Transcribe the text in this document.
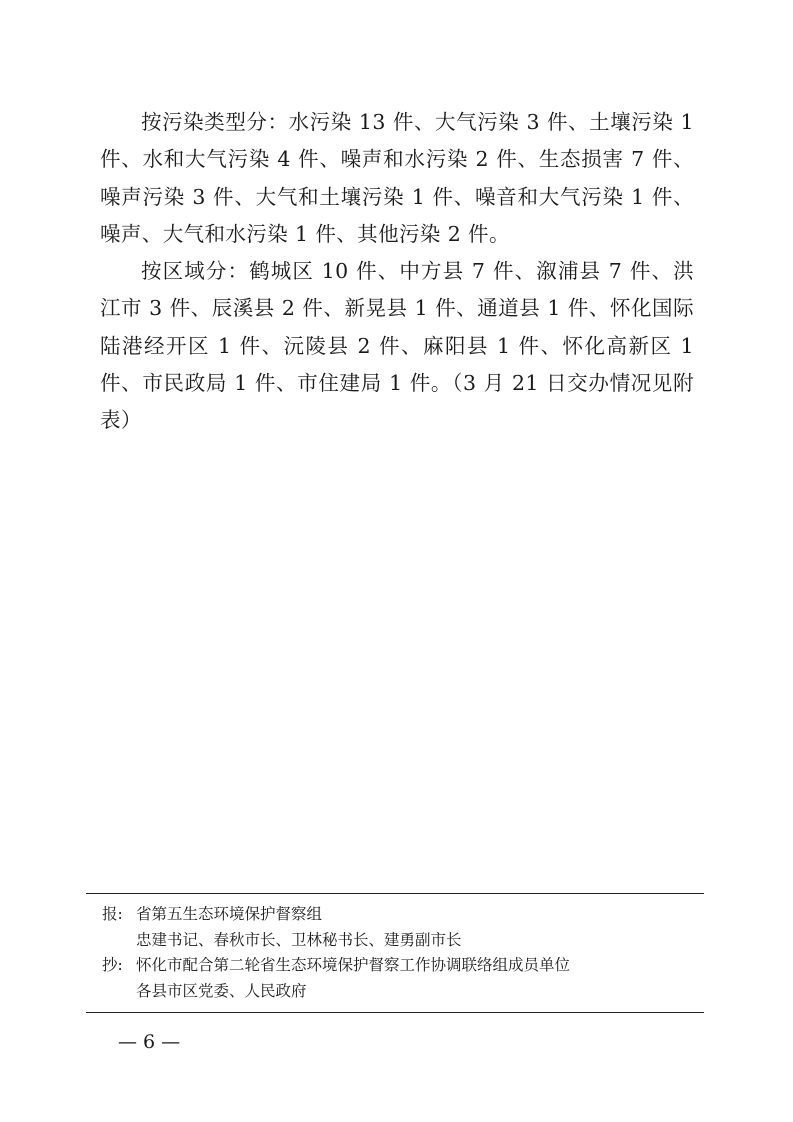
按污染类型分：水污染 13 件、大气污染 3 件、土壤污染 1 件、水和大气污染 4 件、噪声和水污染 2 件、生态损害 7 件、噪声污染 3 件、大气和土壤污染 1 件、噪音和大气污染 1 件、噪声、大气和水污染 1 件、其他污染 2 件。

按区域分：鹤城区 10 件、中方县 7 件、溆浦县 7 件、洪江市 3 件、辰溪县 2 件、新晃县 1 件、通道县 1 件、怀化国际陆港经开区 1 件、沅陵县 2 件、麻阳县 1 件、怀化高新区 1 件、市民政局 1 件、市住建局 1 件。（3 月 21 日交办情况见附表）

报: 省第五生态环境保护督察组
忠建书记、春秋市长、卫林秘书长、建勇副市长
抄: 怀化市配合第二轮省生态环境保护督察工作协调联络组成员单位
各县市区党委、人民政府
— 6 —
